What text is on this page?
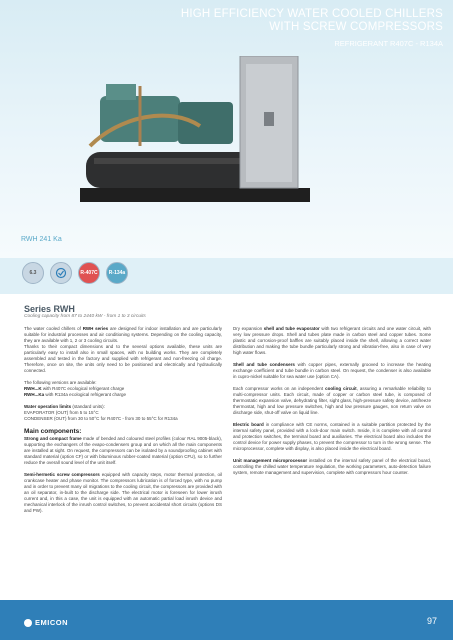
HIGH EFFICIENCY WATER COOLED CHILLERS
WITH SCREW COMPRESSORS
REFRIGERANT R407C - R134A
RWH 241 Ka
6.3	R-407C	R-134a
Series RWH
Cooling capacity from 87 to 2440 kW - from 1 to 3 circuits

The water cooled chillers of RWH series are designed for indoor installation and are particularly suitable for industrial processes and air conditioning systems. Depending on the cooling capacity, they are available with 1, 2 or 3 cooling circuits.
Thanks to their compact dimensions and to the several options available, these units are particularly easy to install also in small spaces, with no building works. They are completely assembled and tested in the factory and supplied with refrigerant and non-freezing oil charge. Therefore, once on site, the units only need to be positioned and electrically and hydraulically connected.

The following versions are available:
RWH...K with R407C ecological refrigerant charge
RWH...Ka with R134a ecological refrigerant charge

Water operation limits (standard units):
EVAPORATOR (OUT) from 5 to 15°C
CONDENSER (OUT) from 30 to 50°C for R407C - from 30 to 55°C for R134a

Main components:

Strong and compact frame made of bended and coloured steel profiles (colour RAL 9005-black), supporting the exchangers of the evapo-condensers group and on which all the main components are installed at sight. On request, the compressors can be isolated by a soundproofing cabinet with standard material (option CF) or with bituminous rubber-coated material (option CFU), so to further reduce the overall sound level of the unit itself.

Semi-hermetic screw compressors equipped with capacity steps, motor thermal protection, oil crankcase heater and phase monitor. The compressors lubrication is of forced type, with no pump and in order to prevent many oil migrations to the cooling circuit, the compressors are provided with an oil separator, in-built to the discharge side. The electrical motor is foreseen for lower inrush current and, in this a case, the unit is equipped with an automatic partial load inrush device and mechanical interlock of the inrush control switches, to prevent accidental short circuits (options DS and PW).

Dry expansion shell and tube evaporator with two refrigerant circuits and one water circuit, with very low pressure drops. Shell and tubes plate made in carbon steel and copper tubes. Some plastic and corrosion-proof baffles are suitably placed inside the shell, allowing a correct water distribution and making the tube bundle particularly strong and vibration-free, also in case of very high water flows.

Shell and tube condensers with copper pipes, externally grooved to increase the heating exchange coefficient and tube bundle in carbon steel. On request, the condenser is also available in cupro-nickel suitable for sea water use (option CA).

Each compressor works on an independent cooling circuit, assuring a remarkable reliability to multi-compressor units. Each circuit, made of copper or carbon steel tube, is composed of thermostatic expansion valve, dehydrating filter, sight glass, high-pressure safety device, antifreeze thermostat, high and low pressure switches, high and low pressure gauges, non return valve on discharge side, shut-off valve on liquid line.

Electric board in compliance with CE norms, contained in a suitable partition protected by the internal safety panel, provided with a lock-door main switch. Inside, it is complete with all control and protection switches, the terminal board and auxiliaries. The electrical board also includes the control device for power supply phases, to prevent the compressor to turn in the wrong sense. The microprocessor, complete with display, is also placed inside the electrical board.

Unit management microprocessor installed on the internal safety panel of the electrical board, controlling the chilled water temperature regulation, the working parameters, auto-detection failure system, remote management and supervision, complete with compressors hour counter.

EMICON	97
